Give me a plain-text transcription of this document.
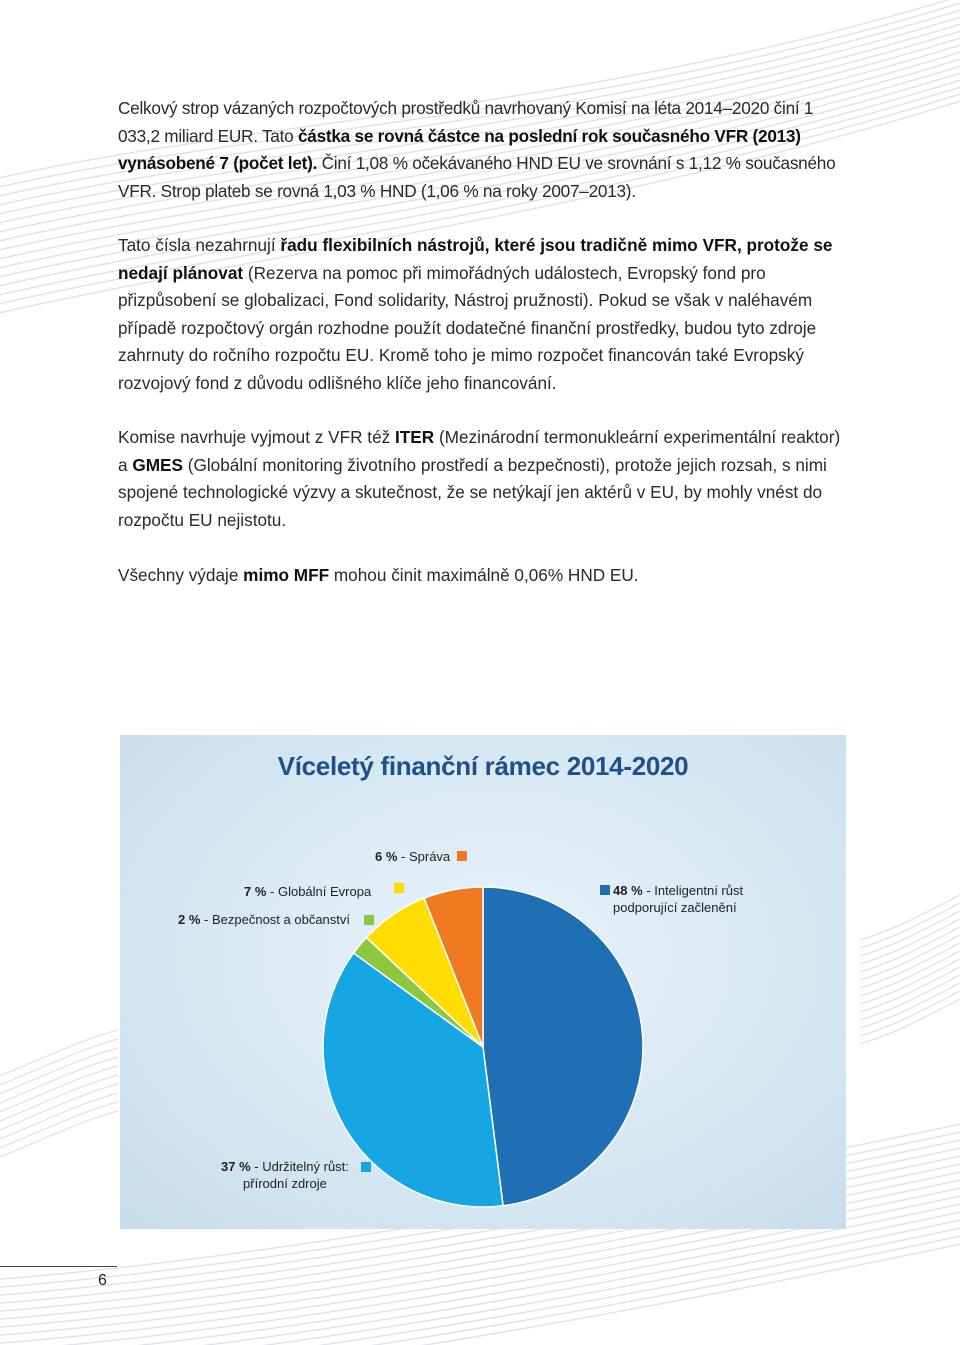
Celkový strop vázaných rozpočtových prostředků navrhovaný Komisí na léta 2014–2020 činí 1 033,2 miliard EUR. Tato částka se rovná částce na poslední rok současného VFR (2013) vynásobené 7 (počet let). Činí 1,08 % očekávaného HND EU ve srovnání s 1,12 % současného VFR. Strop plateb se rovná 1,03 % HND (1,06 % na roky 2007–2013).
Tato čísla nezahrnují řadu flexibilních nástrojů, které jsou tradičně mimo VFR, protože se nedají plánovat (Rezerva na pomoc při mimořádných událostech, Evropský fond pro přizpůsobení se globalizaci, Fond solidarity, Nástroj pružnosti). Pokud se však v naléhavém případě rozpočtový orgán rozhodne použít dodatečné finanční prostředky, budou tyto zdroje zahrnuty do ročního rozpočtu EU. Kromě toho je mimo rozpočet financován také Evropský rozvojový fond z důvodu odlišného klíče jeho financování.
Komise navrhuje vyjmout z VFR též ITER (Mezinárodní termonukleární experimentální reaktor) a GMES (Globální monitoring životního prostředí a bezpečnosti), protože jejich rozsah, s nimi spojené technologické výzvy a skutečnost, že se netýkají jen aktérů v EU, by mohly vnést do rozpočtu EU nejistotu.
Všechny výdaje mimo MFF mohou činit maximálně 0,06% HND EU.
Víceletý finanční rámec 2014-2020
6 % - Správa
7 % - Globální Evropa
2 % - Bezpečnost a občanství
48 % - Inteligentní růst
podporující začlenění
37 % - Udržitelný růst:
přírodní zdroje
6
